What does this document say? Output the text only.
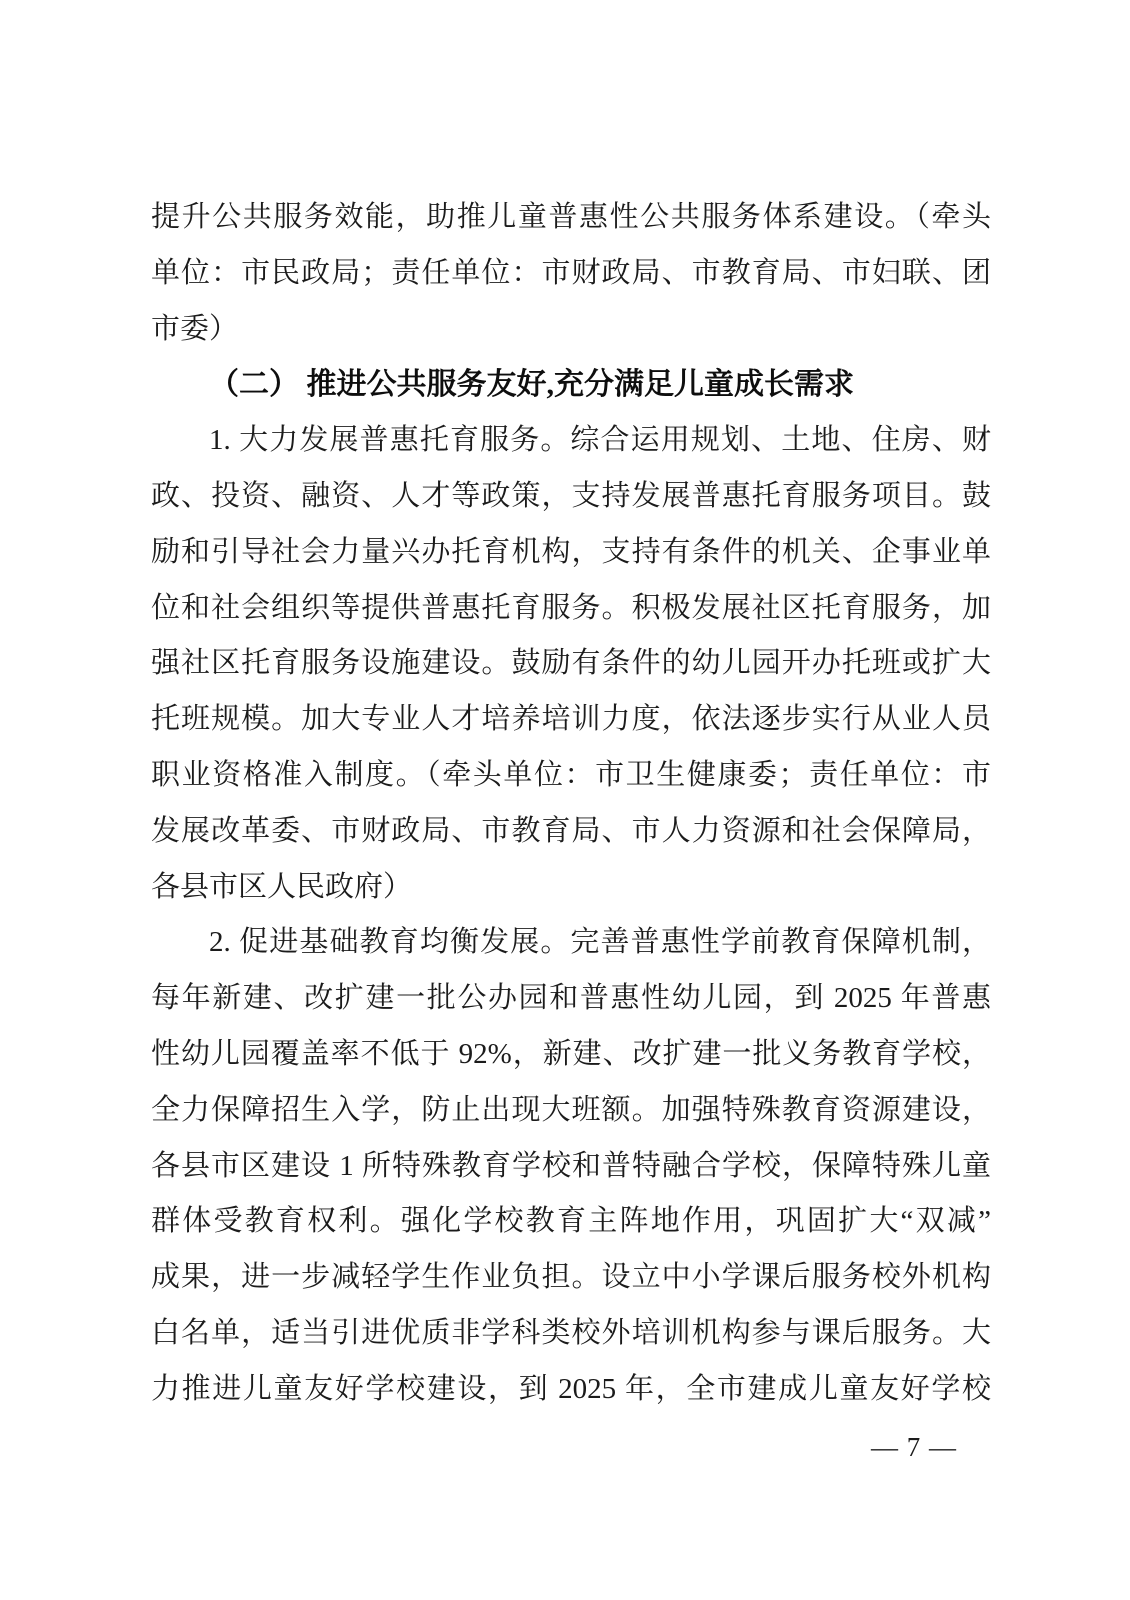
提升公共服务效能，助推儿童普惠性公共服务体系建设。（牵头
单位：市民政局；责任单位：市财政局、市教育局、市妇联、团
市委）
（二） 推进公共服务友好,充分满足儿童成长需求
1. 大力发展普惠托育服务。综合运用规划、土地、住房、财
政、投资、融资、人才等政策，支持发展普惠托育服务项目。鼓
励和引导社会力量兴办托育机构，支持有条件的机关、企事业单
位和社会组织等提供普惠托育服务。积极发展社区托育服务，加
强社区托育服务设施建设。鼓励有条件的幼儿园开办托班或扩大
托班规模。加大专业人才培养培训力度，依法逐步实行从业人员
职业资格准入制度。（牵头单位：市卫生健康委；责任单位：市
发展改革委、市财政局、市教育局、市人力资源和社会保障局，
各县市区人民政府）
2. 促进基础教育均衡发展。完善普惠性学前教育保障机制，
每年新建、改扩建一批公办园和普惠性幼儿园，到 2025 年普惠
性幼儿园覆盖率不低于 92%，新建、改扩建一批义务教育学校，
全力保障招生入学，防止出现大班额。加强特殊教育资源建设，
各县市区建设 1 所特殊教育学校和普特融合学校，保障特殊儿童
群体受教育权利。强化学校教育主阵地作用，巩固扩大“双减”
成果，进一步减轻学生作业负担。设立中小学课后服务校外机构
白名单，适当引进优质非学科类校外培训机构参与课后服务。大
力推进儿童友好学校建设，到 2025 年，全市建成儿童友好学校
— 7 —
